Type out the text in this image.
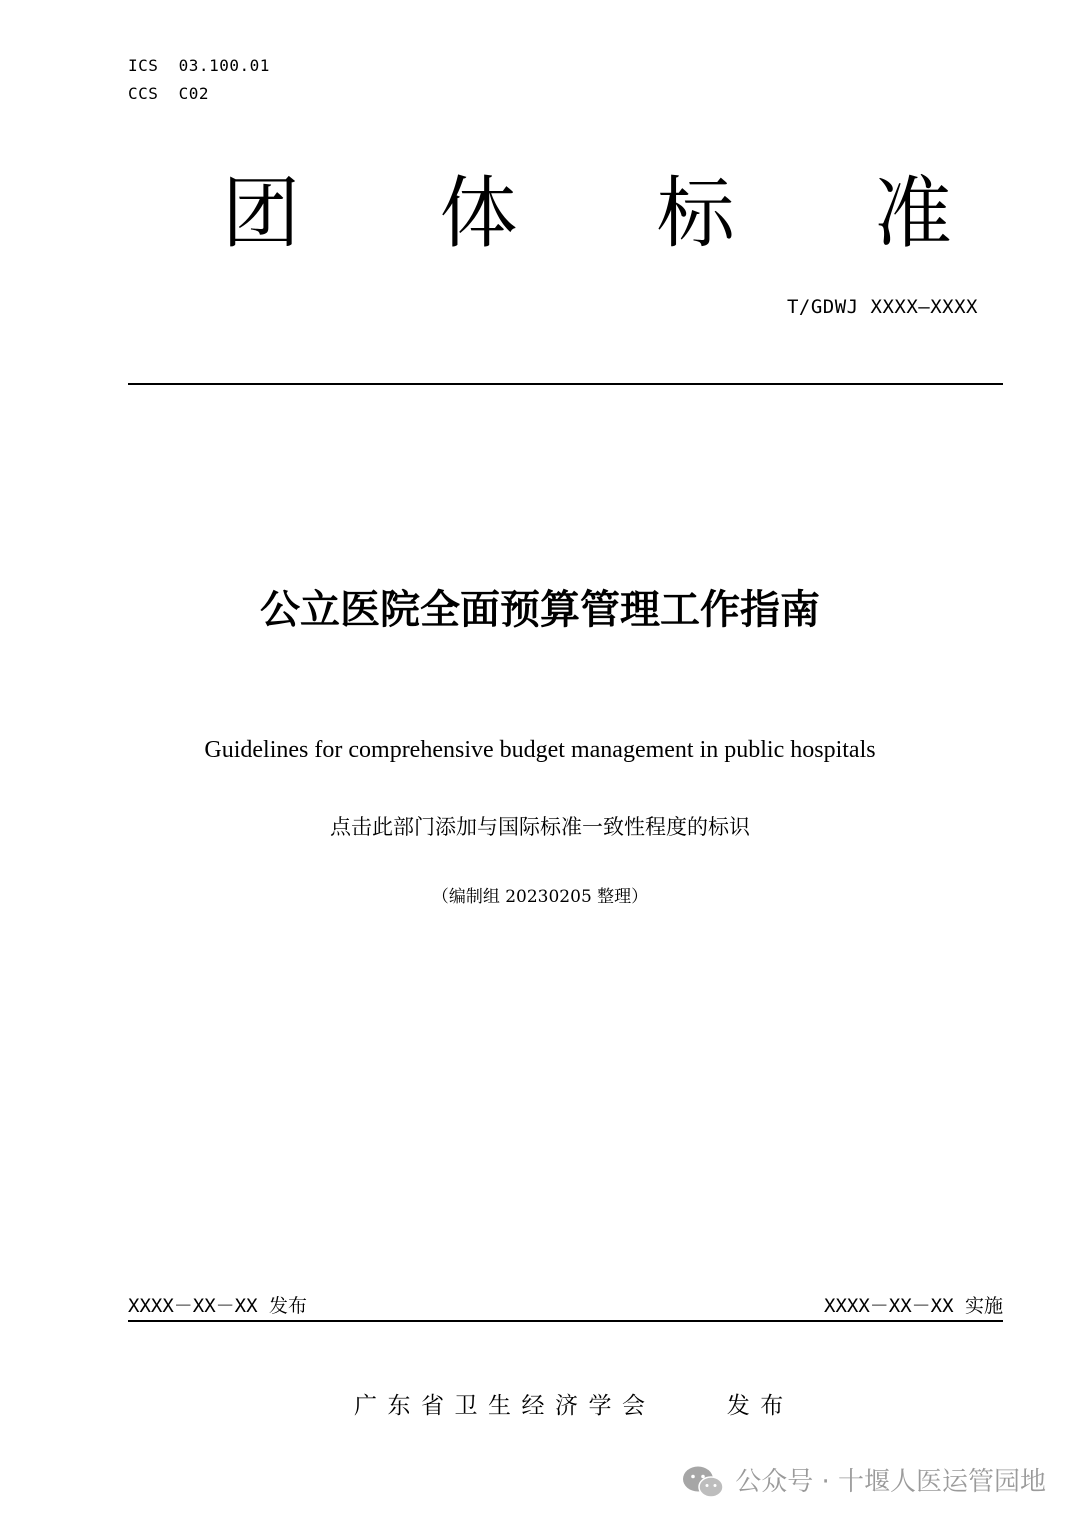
ICS  03.100.01
CCS  C02
团 体 标 准
T/GDWJ XXXX—XXXX
公立医院全面预算管理工作指南
Guidelines for comprehensive budget management in public hospitals
点击此部门添加与国际标准一致性程度的标识
（编制组 20230205 整理）
XXXX－XX－XX 发布	XXXX－XX－XX 实施
广东省卫生经济学会    发布
公众号 · 十堰人医运管园地
